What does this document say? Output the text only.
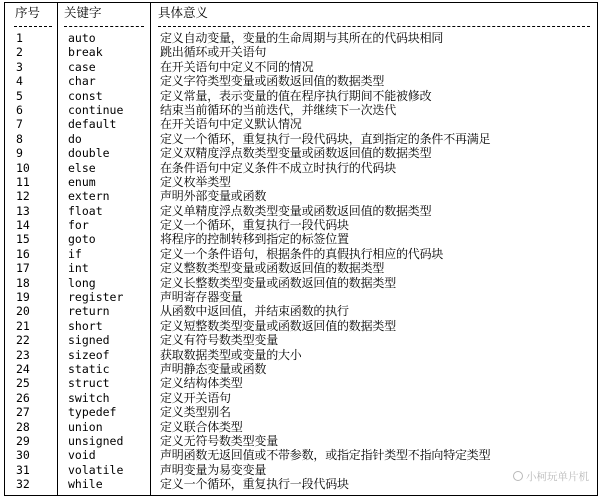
序号 关键字	具体意义
1	auto	定义自动变量，变量的生命周期与其所在的代码块相同
2	break	跳出循环或开关语句
3	case	在开关语句中定义不同的情况
4	char	定义字符类型变量或函数返回值的数据类型
5	const	定义常量，表示变量的值在程序执行期间不能被修改
6	continue	结束当前循环的当前迭代，并继续下一次迭代
7	default	在开关语句中定义默认情况
8	do	定义一个循环，重复执行一段代码块，直到指定的条件不再满足
9	double	定义双精度浮点数类型变量或函数返回值的数据类型
10	else	在条件语句中定义条件不成立时执行的代码块
11	enum	定义枚举类型
12	extern	声明外部变量或函数
13	float	定义单精度浮点数类型变量或函数返回值的数据类型
14	for	定义一个循环，重复执行一段代码块
15	goto	将程序的控制转移到指定的标签位置
16	if	定义一个条件语句，根据条件的真假执行相应的代码块
17	int	定义整数类型变量或函数返回值的数据类型
18	long	定义长整数类型变量或函数返回值的数据类型
19	register	声明寄存器变量
20	return	从函数中返回值，并结束函数的执行
21	short	定义短整数类型变量或函数返回值的数据类型
22	signed	定义有符号数类型变量
23	sizeof	获取数据类型或变量的大小
24	static	声明静态变量或函数
25	struct	定义结构体类型
26	switch	定义开关语句
27	typedef	定义类型别名
28	union	定义联合体类型
29	unsigned	定义无符号数类型变量
30	void	声明函数无返回值或不带参数，或指定指针类型不指向特定类型
31	volatile	声明变量为易变变量
32	while	定义一个循环，重复执行一段代码块
小柯玩单片机
